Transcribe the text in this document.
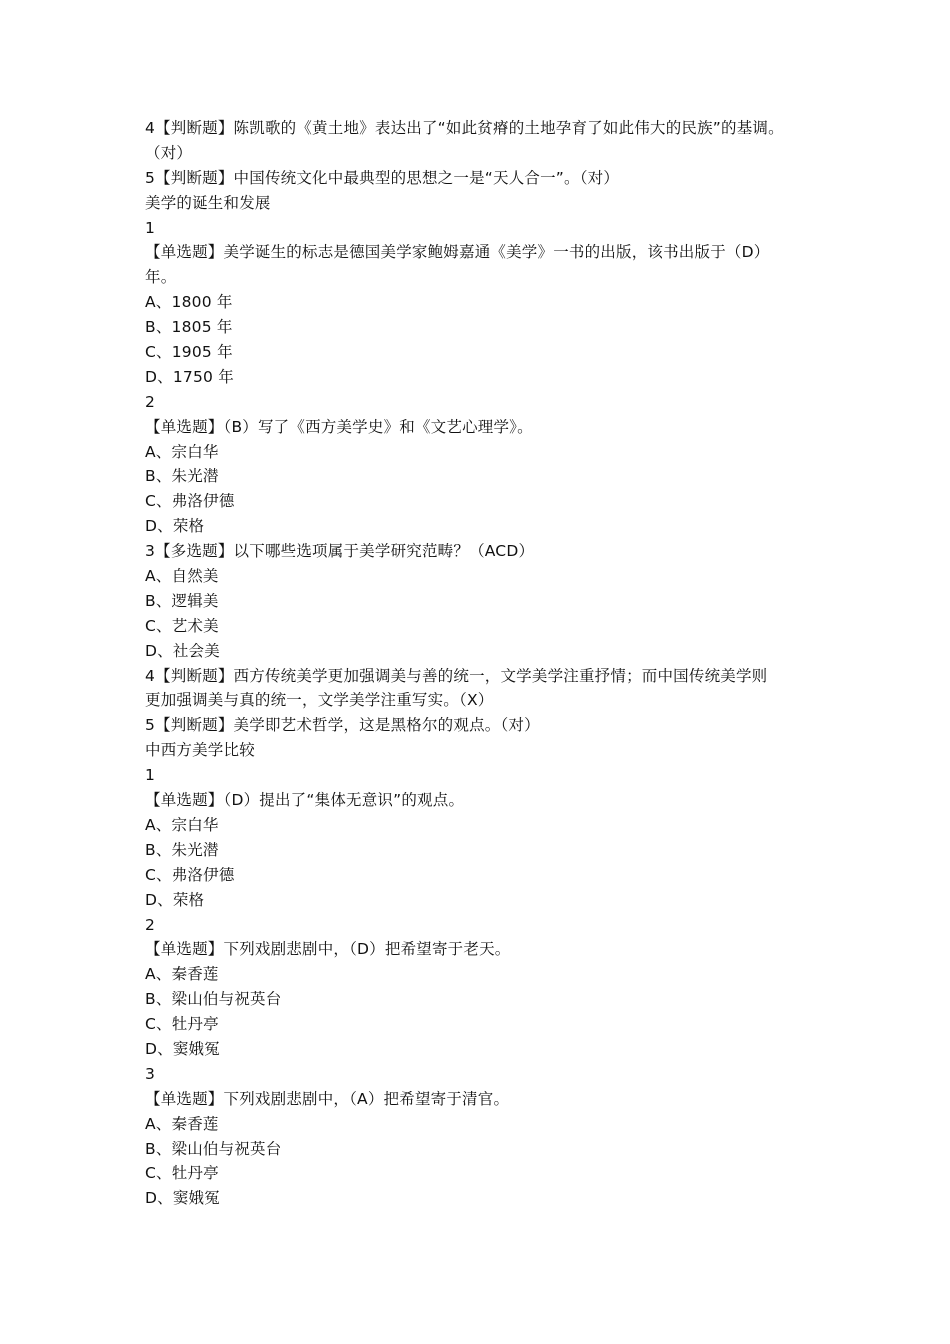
4【判断题】陈凯歌的《黄土地》表达出了“如此贫瘠的土地孕育了如此伟大的民族”的基调。
（对）
5【判断题】中国传统文化中最典型的思想之一是“天人合一”。（对）
美学的诞生和发展
1
【单选题】美学诞生的标志是德国美学家鲍姆嘉通《美学》一书的出版，该书出版于（D）
年。
A、1800 年
B、1805 年
C、1905 年
D、1750 年
2
【单选题】（B）写了《西方美学史》和《文艺心理学》。
A、宗白华
B、朱光潜
C、弗洛伊德
D、荣格
3【多选题】以下哪些选项属于美学研究范畴？（ACD）
A、自然美
B、逻辑美
C、艺术美
D、社会美
4【判断题】西方传统美学更加强调美与善的统一，文学美学注重抒情；而中国传统美学则
更加强调美与真的统一，文学美学注重写实。（X）
5【判断题】美学即艺术哲学，这是黑格尔的观点。（对）
中西方美学比较
1
【单选题】（D）提出了“集体无意识”的观点。
A、宗白华
B、朱光潜
C、弗洛伊德
D、荣格
2
【单选题】下列戏剧悲剧中，（D）把希望寄于老天。
A、秦香莲
B、梁山伯与祝英台
C、牡丹亭
D、窦娥冤
3
【单选题】下列戏剧悲剧中，（A）把希望寄于清官。
A、秦香莲
B、梁山伯与祝英台
C、牡丹亭
D、窦娥冤
